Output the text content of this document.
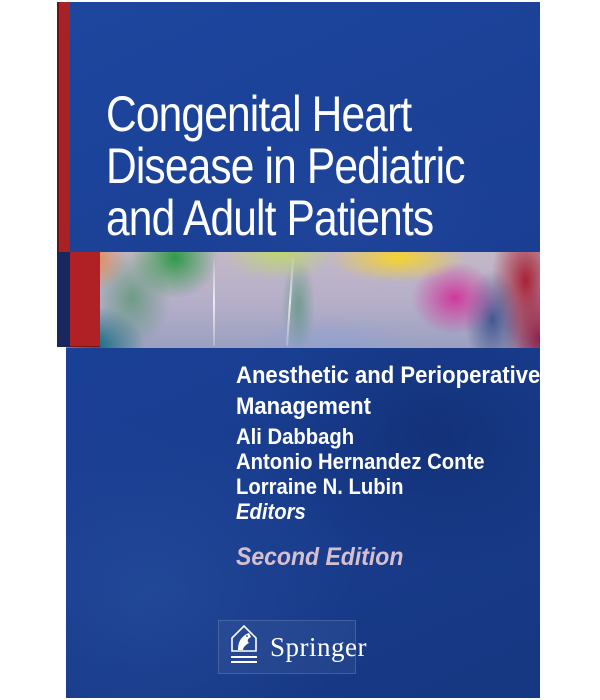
Congenital Heart
Disease in Pediatric
and Adult Patients
Anesthetic and Perioperative
Management
Ali Dabbagh
Antonio Hernandez Conte
Lorraine N. Lubin
Editors
Second Edition
Springer
